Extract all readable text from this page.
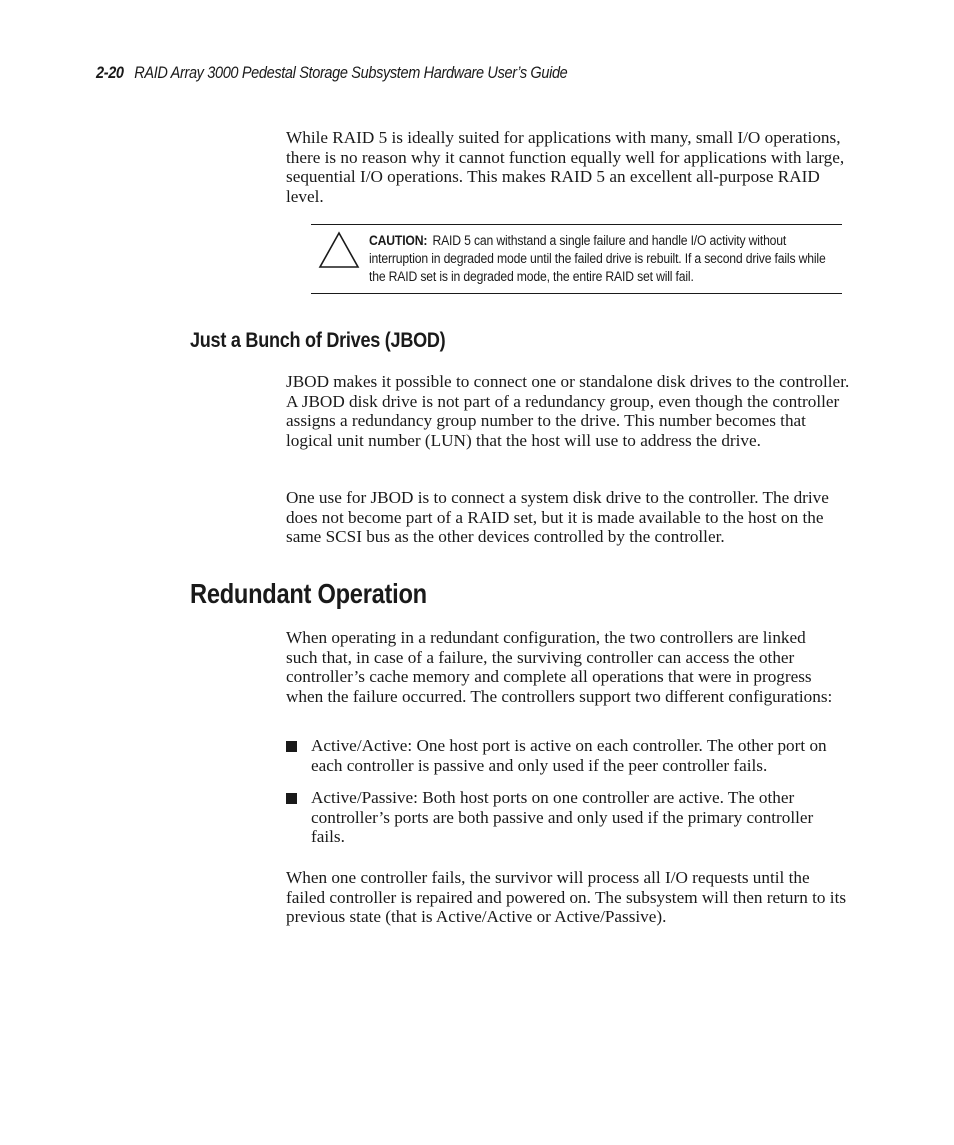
2-20 RAID Array 3000 Pedestal Storage Subsystem Hardware User’s Guide

While RAID 5 is ideally suited for applications with many, small I/O operations, there is no reason why it cannot function equally well for applications with large, sequential I/O operations. This makes RAID 5 an excellent all-purpose RAID level.

CAUTION: RAID 5 can withstand a single failure and handle I/O activity without interruption in degraded mode until the failed drive is rebuilt. If a second drive fails while the RAID set is in degraded mode, the entire RAID set will fail.
Just a Bunch of Drives (JBOD)

JBOD makes it possible to connect one or standalone disk drives to the controller. A JBOD disk drive is not part of a redundancy group, even though the controller assigns a redundancy group number to the drive. This number becomes that logical unit number (LUN) that the host will use to address the drive.

One use for JBOD is to connect a system disk drive to the controller. The drive does not become part of a RAID set, but it is made available to the host on the same SCSI bus as the other devices controlled by the controller.

Redundant Operation

When operating in a redundant configuration, the two controllers are linked such that, in case of a failure, the surviving controller can access the other controller’s cache memory and complete all operations that were in progress when the failure occurred. The controllers support two different configurations:

Active/Active: One host port is active on each controller. The other port on each controller is passive and only used if the peer controller fails.
Active/Passive: Both host ports on one controller are active. The other controller’s ports are both passive and only used if the primary controller fails.

When one controller fails, the survivor will process all I/O requests until the failed controller is repaired and powered on. The subsystem will then return to its previous state (that is Active/Active or Active/Passive).
